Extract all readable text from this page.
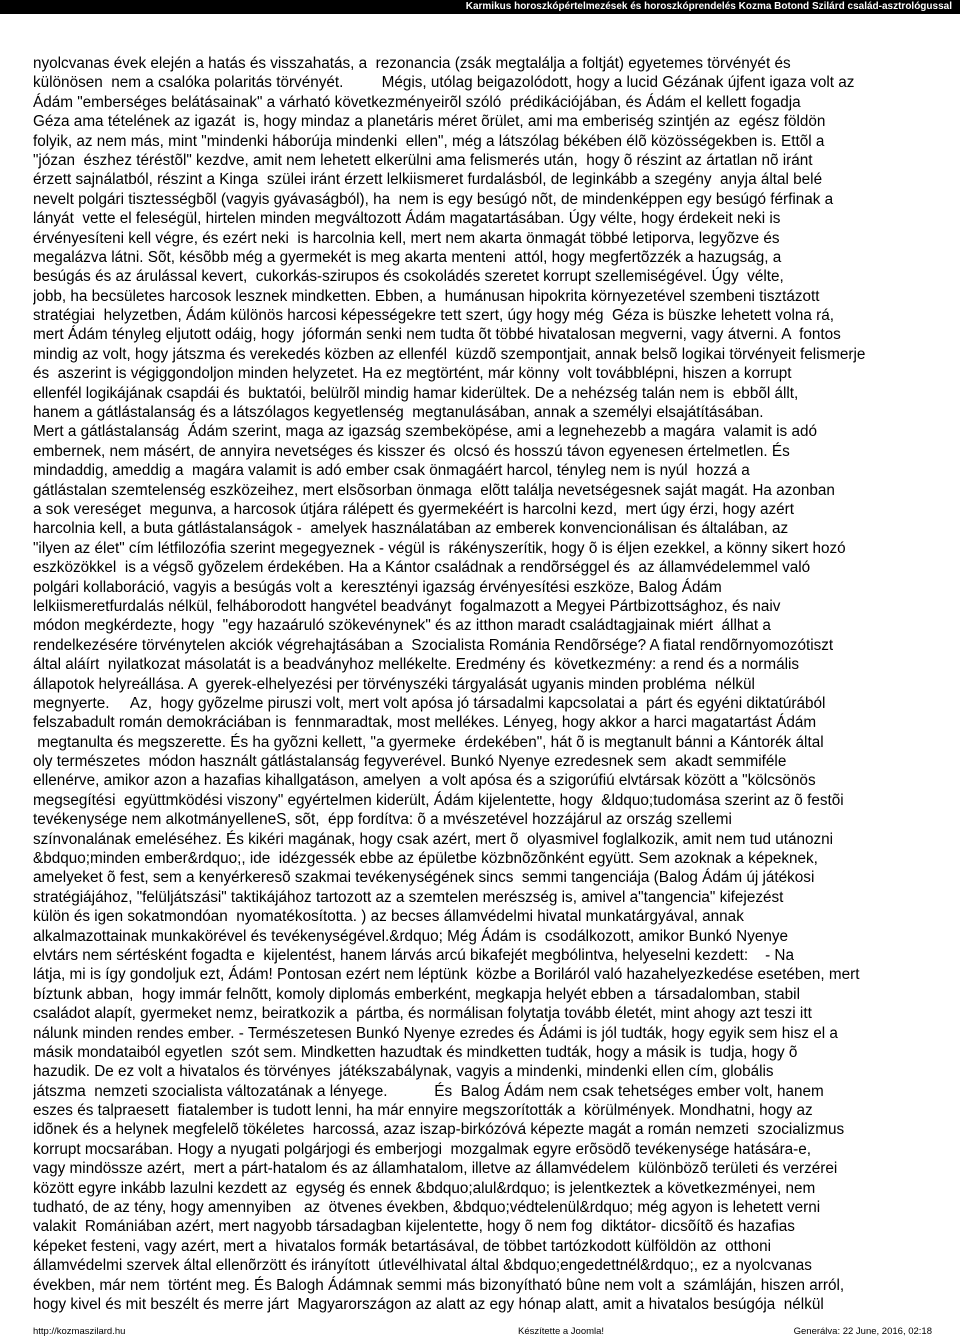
Karmikus horoszkópértelmezések és horoszkóprendelés Kozma Botond Szilárd család-asztrológussal
nyolcvanas évek elején a hatás és visszahatás, a  rezonancia (zsák megtalálja a foltját) egyetemes törvényét és
különösen  nem a csalóka polaritás törvényét.         Mégis, utólag beigazolódott, hogy a lucid Gézának újfent igaza volt az
Ádám "emberséges belátásainak" a várható következményeirõl szóló  prédikációjában, és Ádám el kellett fogadja
Géza ama tételének az igazát  is, hogy mindaz a planetáris méret õrület, ami ma emberiség szintjén az  egész földön
folyik, az nem más, mint "mindenki háborúja mindenki  ellen", még a látszólag békében élõ közösségekben is. Ettõl a
"józan  észhez téréstõl" kezdve, amit nem lehetett elkerülni ama felismerés után,  hogy õ részint az ártatlan nõ iránt
érzett sajnálatból, részint a Kinga  szülei iránt érzett lelkiismeret furdalásból, de leginkább a szegény  anyja által belé
nevelt polgári tisztességbõl (vagyis gyávaságból), ha  nem is egy besúgó nõt, de mindenképpen egy besúgó férfinak a
lányát  vette el feleségül, hirtelen minden megváltozott Ádám magatartásában. Úgy vélte, hogy érdekeit neki is
érvényesíteni kell végre, és ezért neki  is harcolnia kell, mert nem akarta önmagát többé letiporva, legyõzve és
megalázva látni. Sõt, késõbb még a gyermekét is meg akarta menteni  attól, hogy megfertõzzék a hazugság, a
besúgás és az árulással kevert,  cukorkás-szirupos és csokoládés szeretet korrupt szellemiségével. Úgy  vélte,
jobb, ha becsületes harcosok lesznek mindketten. Ebben, a  humánusan hipokrita környezetével szembeni tisztázott
stratégiai  helyzetben, Ádám különös harcosi képességekre tett szert, úgy hogy még  Géza is büszke lehetett volna rá,
mert Ádám tényleg eljutott odáig, hogy  jóformán senki nem tudta õt többé hivatalosan megverni, vagy átverni. A  fontos
mindig az volt, hogy játszma és verekedés közben az ellenfél  küzdõ szempontjait, annak belsõ logikai törvényeit felismerje
és  aszerint is végiggondoljon minden helyzetet. Ha ez megtörtént, már könny  volt továbblépni, hiszen a korrupt
ellenfél logikájának csapdái és  buktatói, belülrõl mindig hamar kiderültek. De a nehézség talán nem is  ebbõl állt,
hanem a gátlástalanság és a látszólagos kegyetlenség  megtanulásában, annak a személyi elsajátításában.
Mert a gátlástalanság  Ádám szerint, maga az igazság szembeköpése, ami a legnehezebb a magára  valamit is adó
embernek, nem másért, de annyira nevetséges és kisszer és  olcsó és hosszú távon egyenesen értelmetlen. És
mindaddig, ameddig a  magára valamit is adó ember csak önmagáért harcol, tényleg nem is nyúl  hozzá a
gátlástalan szemtelenség eszközeihez, mert elsõsorban önmaga  elõtt találja nevetségesnek saját magát. Ha azonban
a sok vereséget  megunva, a harcosok útjára rálépett és gyermekéért is harcolni kezd,  mert úgy érzi, hogy azért
harcolnia kell, a buta gátlástalanságok -  amelyek használatában az emberek konvencionálisan és általában, az
"ilyen az élet" cím létfilozófia szerint megegyeznek - végül is  rákényszerítik, hogy õ is éljen ezekkel, a könny sikert hozó
eszközökkel  is a végsõ gyõzelem érdekében. Ha a Kántor családnak a rendõrséggel és  az államvédelemmel való
polgári kollaboráció, vagyis a besúgás volt a  keresztényi igazság érvényesítési eszköze, Balog Ádám
lelkiismeretfurdalás nélkül, felháborodott hangvétel beadványt  fogalmazott a Megyei Pártbizottsághoz, és naiv
módon megkérdezte, hogy  "egy hazaáruló szökevénynek" és az itthon maradt családtagjainak miért  állhat a
rendelkezésére törvénytelen akciók végrehajtásában a  Szocialista Románia Rendõrsége? A fiatal rendõrnyomozótiszt
által aláírt  nyilatkozat másolatát is a beadványhoz mellékelte. Eredmény és  következmény: a rend és a normális
állapotok helyreállása. A  gyerek-elhelyezési per törvényszéki tárgyalását ugyanis minden probléma  nélkül
megnyerte.     Az,  hogy gyõzelme piruszi volt, mert volt apósa jó társadalmi kapcsolatai a  párt és egyéni diktatúrából
felszabadult román demokráciában is  fennmaradtak, most mellékes. Lényeg, hogy akkor a harci magatartást Ádám
megtanulta és megszerette. És ha gyõzni kellett, "a gyermeke  érdekében", hát õ is megtanult bánni a Kántorék által
oly természetes  módon használt gátlástalanság fegyverével. Bunkó Nyenye ezredesnek sem  akadt semmiféle
ellenérve, amikor azon a hazafias kihallgatáson, amelyen  a volt apósa és a szigorúfiú elvtársak között a "kölcsönös
megsegítési  együttmködési viszony" egyértelmen kiderült, Ádám kijelentette, hogy  &ldquo;tudomása szerint az õ festõi
tevékenysége nem alkotmányelleneS, sõt,  épp fordítva: õ a mvészetével hozzájárul az ország szellemi
színvonalának emeléséhez. És kikéri magának, hogy csak azért, mert õ  olyasmivel foglalkozik, amit nem tud utánozni
&bdquo;minden ember&rdquo;, ide  idézgessék ebbe az épületbe közbnõzõnként együtt. Sem azoknak a képeknek,
amelyeket õ fest, sem a kenyérkeresõ szakmai tevékenységének sincs  semmi tangenciája (Balog Ádám új játékosi
stratégiájához, "felüljátszási" taktikájához tartozott az a szemtelen merészség is, amivel a"tangencia" kifejezést
külön és igen sokatmondóan  nyomatékosította. ) az becses államvédelmi hivatal munkatárgyával, annak
alkalmazottainak munkakörével és tevékenységével.&rdquo; Még Ádám is  csodálkozott, amikor Bunkó Nyenye
elvtárs nem sértésként fogadta e  kijelentést, hanem lárvás arcú bikafejét megbólintva, helyeselni kezdett:    - Na
látja, mi is így gondoljuk ezt, Ádám! Pontosan ezért nem léptünk  közbe a Boriláról való hazahelyezkedése esetében, mert
bíztunk abban,  hogy immár felnõtt, komoly diplomás emberként, megkapja helyét ebben a  társadalomban, stabil
családot alapít, gyermeket nemz, beiratkozik a  pártba, és normálisan folytatja tovább életét, mint ahogy azt teszi itt
nálunk minden rendes ember. - Természetesen Bunkó Nyenye ezredes és Ádámi is jól tudták, hogy egyik sem hisz el a
másik mondataiból egyetlen  szót sem. Mindketten hazudtak és mindketten tudták, hogy a másik is  tudja, hogy õ
hazudik. De ez volt a hivatalos és törvényes  játékszabálynak, vagyis a mindenki, mindenki ellen cím, globális
játszma  nemzeti szocialista változatának a lényege.           És  Balog Ádám nem csak tehetséges ember volt, hanem
eszes és talpraesett  fiatalember is tudott lenni, ha már ennyire megszorították a  körülmények. Mondhatni, hogy az
idõnek és a helynek megfelelõ tökéletes  harcossá, azaz iszap-birkózóvá képezte magát a román nemzeti  szocializmus
korrupt mocsarában. Hogy a nyugati polgárjogi és emberjogi  mozgalmak egyre erõsödõ tevékenysége hatására-e,
vagy mindössze azért,  mert a párt-hatalom és az államhatalom, illetve az államvédelem  különbözõ területi és verzérei
között egyre inkább lazulni kezdett az  egység és ennek &bdquo;alul&rdquo; is jelentkeztek a következményei, nem
tudható, de az tény, hogy amennyiben   az  ötvenes években, &bdquo;védtelenül&rdquo; még agyon is lehetett verni
valakit  Romániában azért, mert nagyobb társadagban kijelentette, hogy õ nem fog  diktátor- dicsõítõ és hazafias
képeket festeni, vagy azért, mert a  hivatalos formák betartásával, de többet tartózkodott külföldön az  otthoni
államvédelmi szervek által ellenõrzött és irányított  útlevélhivatal által &bdquo;engedettnél&rdquo;, ez a nyolcvanas
években, már nem  történt meg. És Balogh Ádámnak semmi más bizonyítható bûne nem volt a  számláján, hiszen arról,
hogy kivel és mit beszélt és merre járt  Magyarországon az alatt az egy hónap alatt, amit a hivatalos besúgója  nélkül
http://kozmaszilard.hu	Készítette a Joomla!	Generálva: 22 June, 2016, 02:18
